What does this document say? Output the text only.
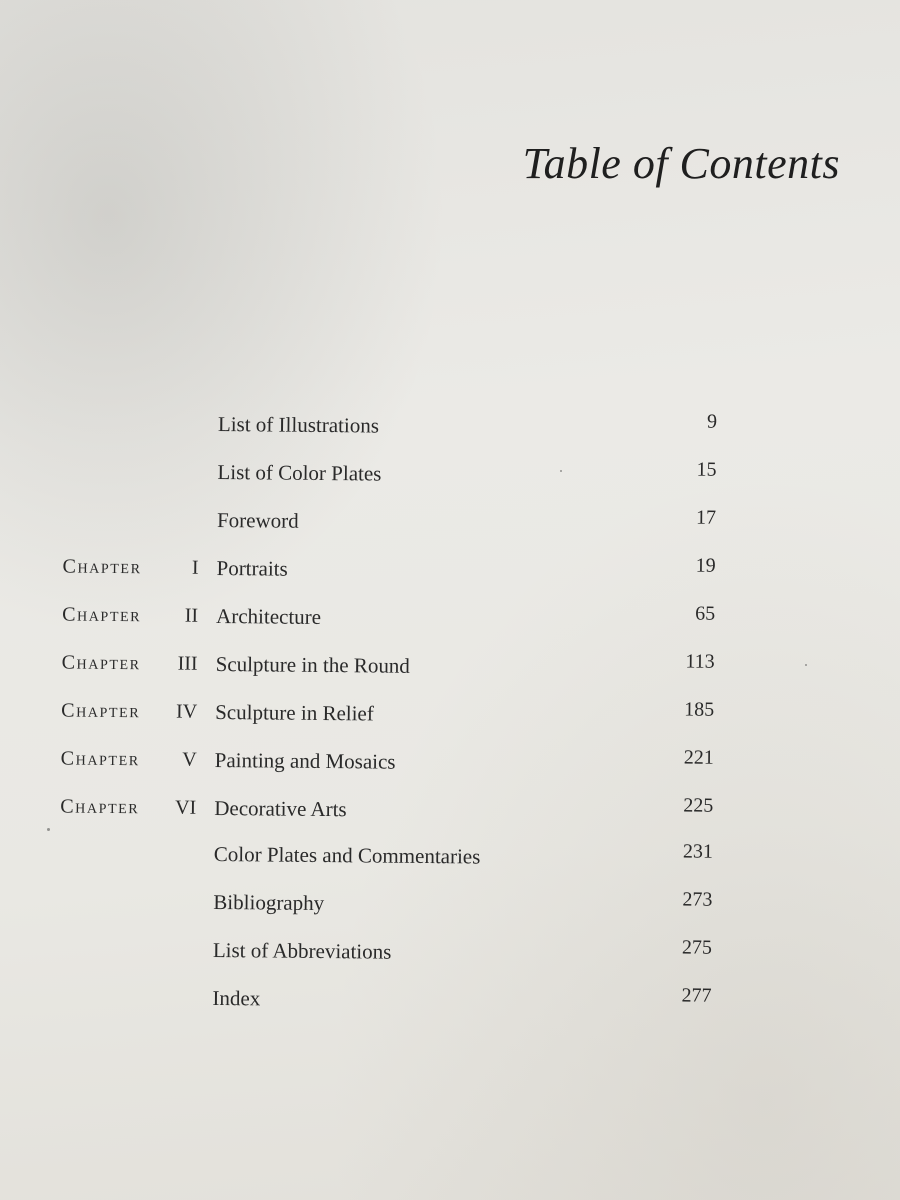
Table of Contents
List of Illustrations	9
List of Color Plates	15
Foreword	17
Chapter	I Portraits	19
Chapter II Architecture	65
Chapter III Sculpture in the Round	113
Chapter IV Sculpture in Relief	185
Chapter V Painting and Mosaics	221
Chapter VI Decorative Arts	225
Color Plates and Commentaries	231
Bibliography	273
List of Abbreviations	275
Index	277
